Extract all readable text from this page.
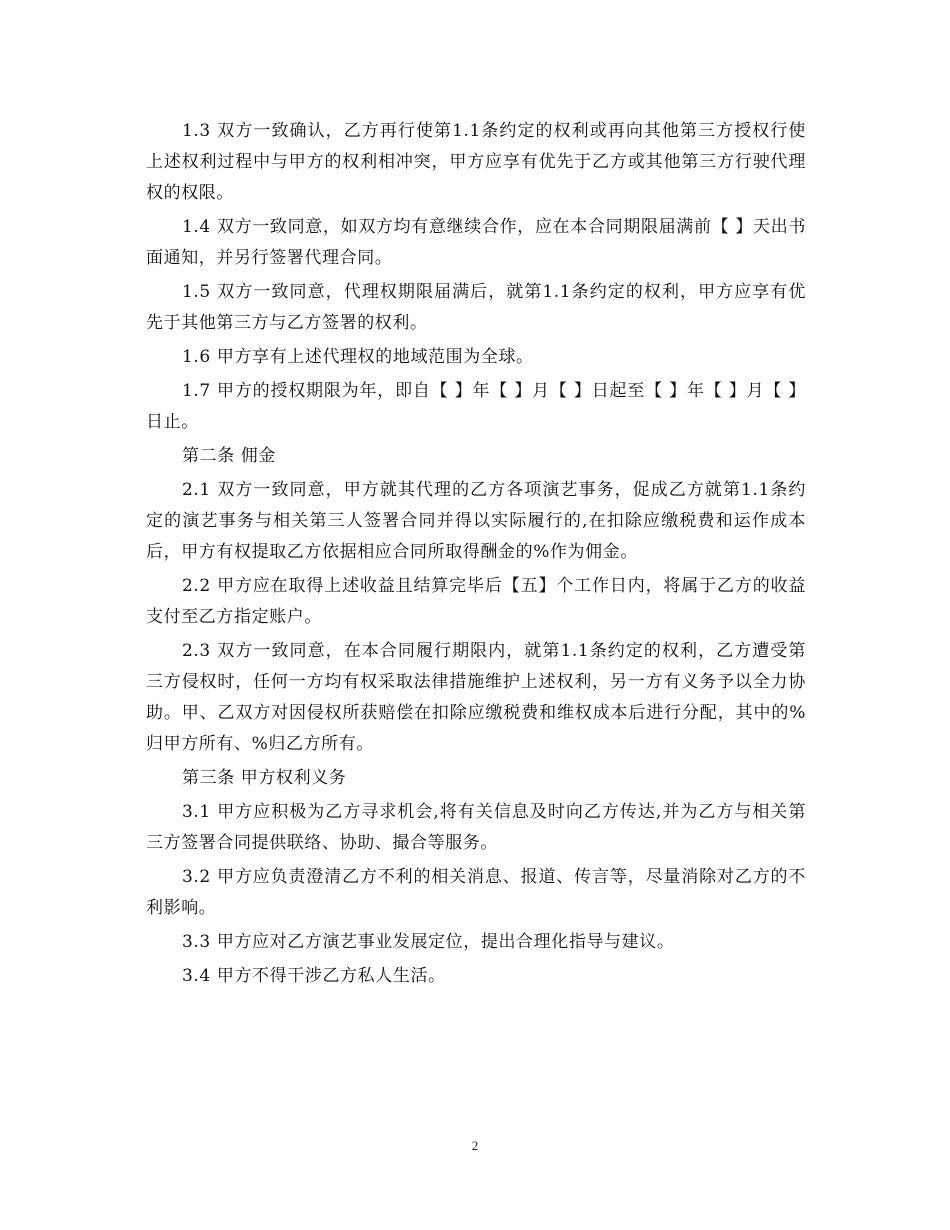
1.3 双方一致确认，乙方再行使第1.1条约定的权利或再向其他第三方授权行使上述权利过程中与甲方的权利相冲突，甲方应享有优先于乙方或其他第三方行驶代理权的权限。

1.4 双方一致同意，如双方均有意继续合作，应在本合同期限届满前【 】天出书面通知，并另行签署代理合同。

1.5 双方一致同意，代理权期限届满后，就第1.1条约定的权利，甲方应享有优先于其他第三方与乙方签署的权利。

1.6 甲方享有上述代理权的地域范围为全球。

1.7 甲方的授权期限为年，即自【 】年【 】月【 】日起至【 】年【 】月【 】日止。

第二条 佣金

2.1 双方一致同意，甲方就其代理的乙方各项演艺事务，促成乙方就第1.1条约定的演艺事务与相关第三人签署合同并得以实际履行的,在扣除应缴税费和运作成本后，甲方有权提取乙方依据相应合同所取得酬金的%作为佣金。

2.2 甲方应在取得上述收益且结算完毕后【五】个工作日内，将属于乙方的收益支付至乙方指定账户。

2.3 双方一致同意，在本合同履行期限内，就第1.1条约定的权利，乙方遭受第三方侵权时，任何一方均有权采取法律措施维护上述权利，另一方有义务予以全力协助。甲、乙双方对因侵权所获赔偿在扣除应缴税费和维权成本后进行分配，其中的%归甲方所有、%归乙方所有。

第三条 甲方权利义务

3.1 甲方应积极为乙方寻求机会,将有关信息及时向乙方传达,并为乙方与相关第三方签署合同提供联络、协助、撮合等服务。

3.2 甲方应负责澄清乙方不利的相关消息、报道、传言等，尽量消除对乙方的不利影响。

3.3 甲方应对乙方演艺事业发展定位，提出合理化指导与建议。

3.4 甲方不得干涉乙方私人生活。

2
